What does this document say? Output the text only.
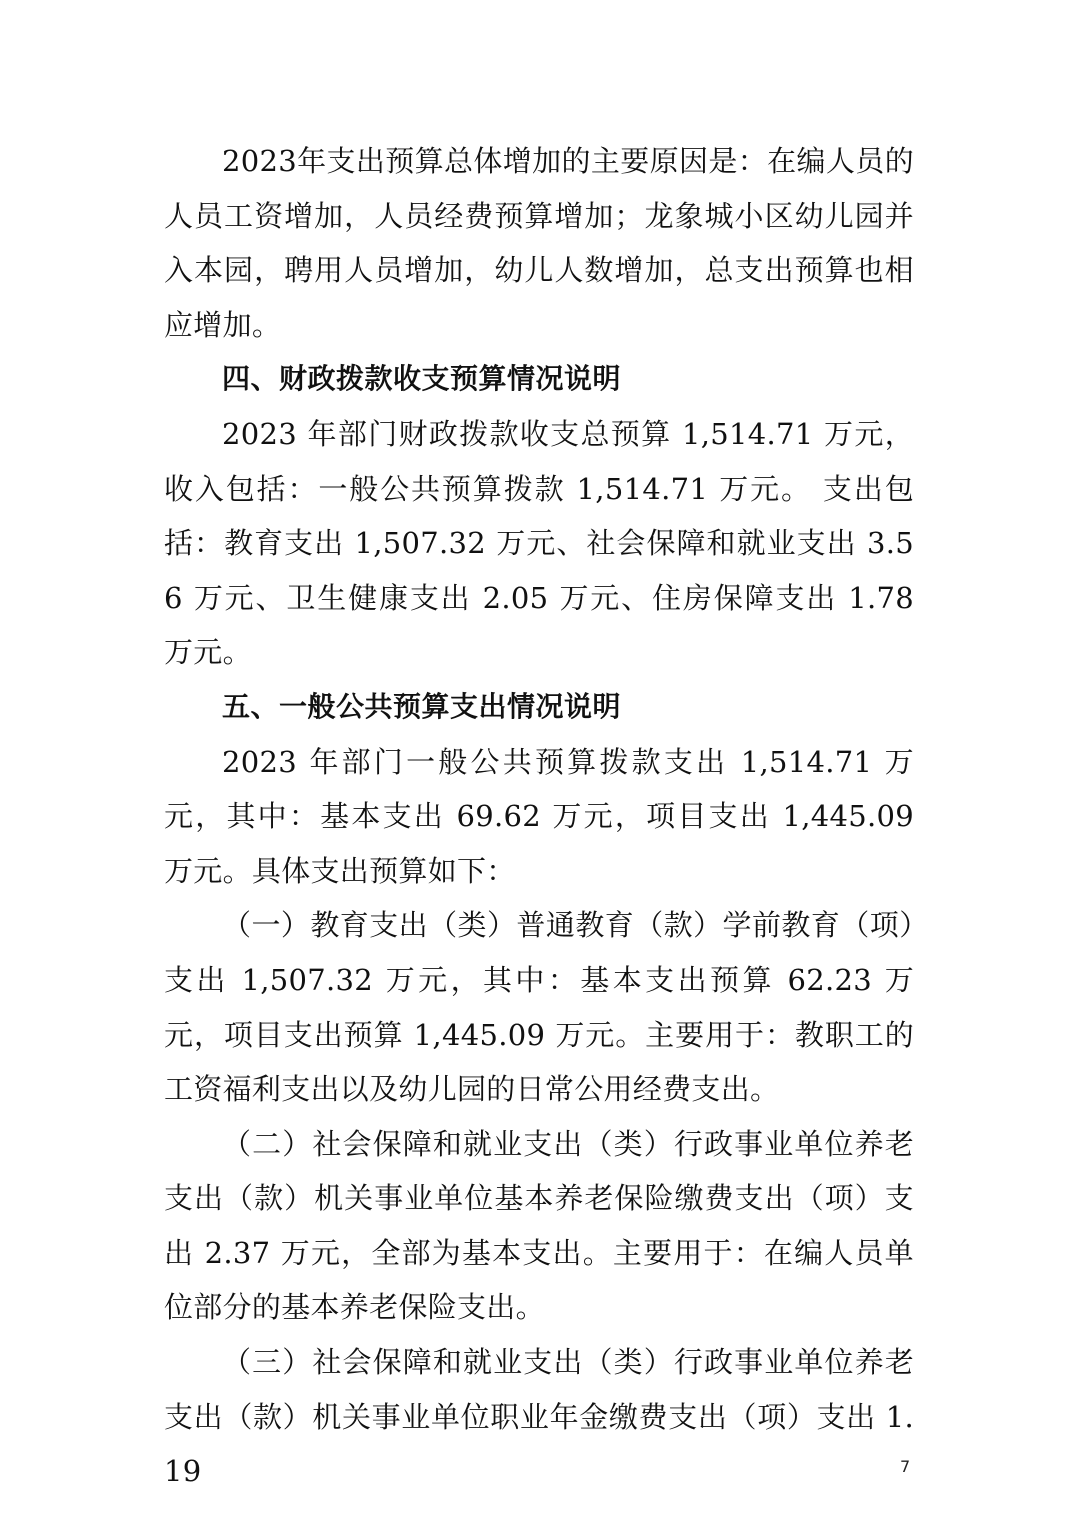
2023年支出预算总体增加的主要原因是：在编人员的人员工资增加，人员经费预算增加；龙象城小区幼儿园并入本园，聘用人员增加，幼儿人数增加，总支出预算也相应增加。

四、财政拨款收支预算情况说明

2023 年部门财政拨款收支总预算 1,514.71 万元，收入包括：一般公共预算拨款 1,514.71 万元。 支出包括：教育支出 1,507.32 万元、社会保障和就业支出 3.56 万元、卫生健康支出 2.05 万元、住房保障支出 1.78 万元。

五、一般公共预算支出情况说明

2023 年部门一般公共预算拨款支出 1,514.71 万元，其中：基本支出 69.62 万元，项目支出 1,445.09 万元。具体支出预算如下：

（一）教育支出（类）普通教育（款）学前教育（项）支出 1,507.32 万元，其中：基本支出预算 62.23 万元，项目支出预算 1,445.09 万元。主要用于：教职工的工资福利支出以及幼儿园的日常公用经费支出。

（二）社会保障和就业支出（类）行政事业单位养老支出（款）机关事业单位基本养老保险缴费支出（项）支出 2.37 万元，全部为基本支出。主要用于：在编人员单位部分的基本养老保险支出。

（三）社会保障和就业支出（类）行政事业单位养老支出（款）机关事业单位职业年金缴费支出（项）支出 1.19	7
